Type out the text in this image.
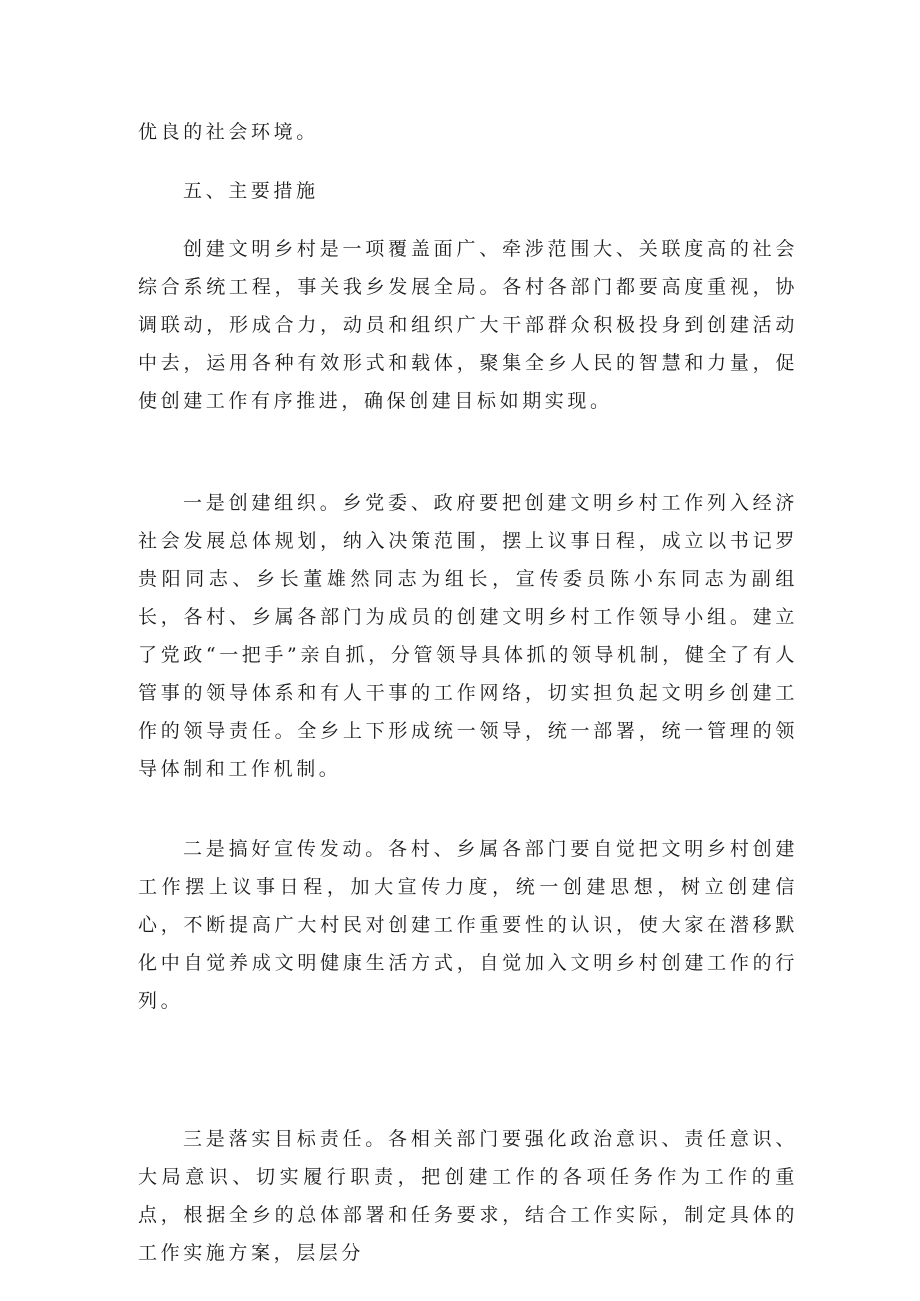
优良的社会环境。

五、主要措施

创建文明乡村是一项覆盖面广、牵涉范围大、关联度高的社会综合系统工程，事关我乡发展全局。各村各部门都要高度重视，协调联动，形成合力，动员和组织广大干部群众积极投身到创建活动中去，运用各种有效形式和载体，聚集全乡人民的智慧和力量，促使创建工作有序推进，确保创建目标如期实现。

一是创建组织。乡党委、政府要把创建文明乡村工作列入经济社会发展总体规划，纳入决策范围，摆上议事日程，成立以书记罗贵阳同志、乡长董雄然同志为组长，宣传委员陈小东同志为副组长，各村、乡属各部门为成员的创建文明乡村工作领导小组。建立了党政“一把手”亲自抓，分管领导具体抓的领导机制，健全了有人管事的领导体系和有人干事的工作网络，切实担负起文明乡创建工作的领导责任。全乡上下形成统一领导，统一部署，统一管理的领导体制和工作机制。

二是搞好宣传发动。各村、乡属各部门要自觉把文明乡村创建工作摆上议事日程，加大宣传力度，统一创建思想，树立创建信心，不断提高广大村民对创建工作重要性的认识，使大家在潜移默化中自觉养成文明健康生活方式，自觉加入文明乡村创建工作的行列。

三是落实目标责任。各相关部门要强化政治意识、责任意识、大局意识、切实履行职责，把创建工作的各项任务作为工作的重点，根据全乡的总体部署和任务要求，结合工作实际，制定具体的工作实施方案，层层分
